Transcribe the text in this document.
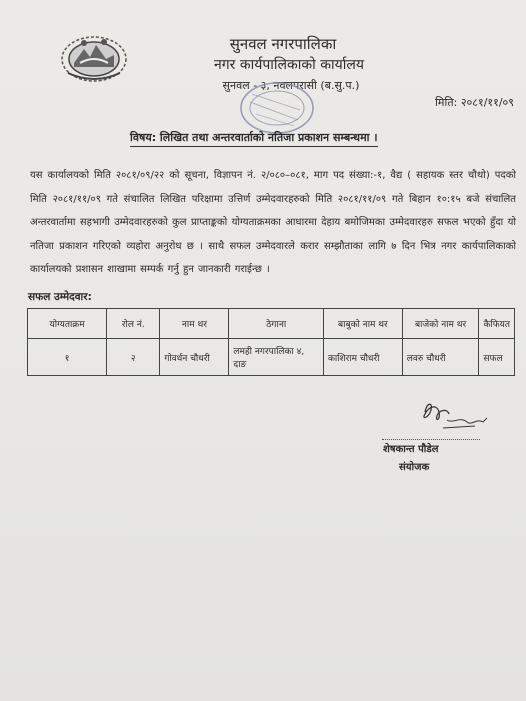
सुनवल नगरपालिका
नगर कार्यपालिकाको कार्यालय
सुनवल - ३, नवलपरासी (ब.सु.प.)
मिति: २०८१/११/०९
विषय: लिखित तथा अन्तरवार्ताको नतिजा प्रकाशन सम्बन्धमा ।
यस कार्यालयको मिति २०८१/०९/२२ को सूचना, विज्ञापन नं. २/०८०–०८१, माग पद संख्या:-१, वैद्य ( सहायक स्तर चौथो) पदको मिति २०८१/११/०९ गते संचालित लिखित परिक्षामा उत्तिर्ण उम्मेदवारहरुको मिति २०८१/११/०९ गते बिहान १०:१५ बजे संचालित अन्तरवार्तामा सहभागी उम्मेदवारहरुको कुल प्राप्ताङ्कको योग्यताक्रमका आधारमा देहाय बमोजिमका उम्मेदवारहरु सफल भएको हुँदा यो नतिजा प्रकाशन गरिएको व्यहोरा अनुरोध छ । साथै सफल उम्मेदवारले करार सम्झौताका लागि ७ दिन भित्र नगर कार्यपालिकाको कार्यालयको प्रशासन शाखामा सम्पर्क गर्नु हुन जानकारी गराईन्छ ।
सफल उम्मेदवार:
योग्यताक्रम	रोल नं.	नाम थर	ठेगाना	बाबुको नाम थर	बाजेको नाम थर	कैफियत
१	२	गोवर्धन चौधरी	लमही नगरपालिका ४, दाङ	काशिराम चौधरी	लवरु चौधरी	सफल
शेषकान्त पौडेल
संयोजक
